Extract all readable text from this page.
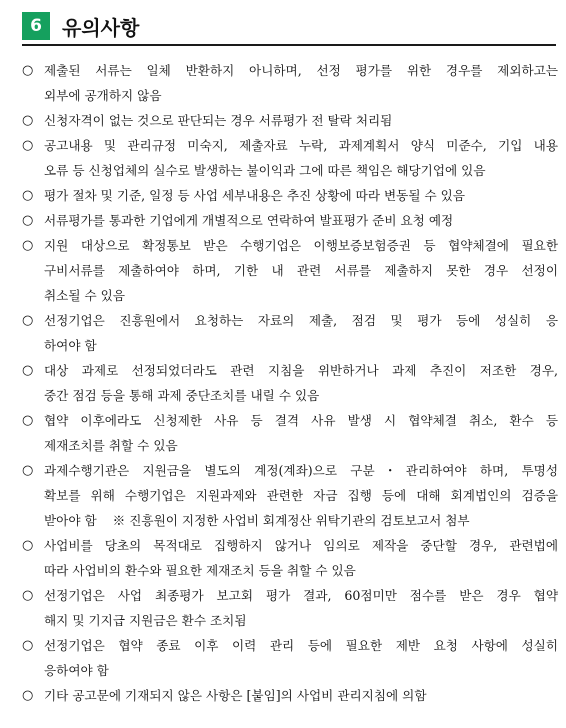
6	유의사항
○ 제출된 서류는 일체 반환하지 아니하며, 선정 평가를 위한 경우를 제외하고는
외부에 공개하지 않음
○ 신청자격이 없는 것으로 판단되는 경우 서류평가 전 탈락 처리됨
○ 공고내용 및 관리규정 미숙지, 제출자료 누락, 과제계획서 양식 미준수, 기입 내용
오류 등 신청업체의 실수로 발생하는 불이익과 그에 따른 책임은 해당기업에 있음
○ 평가 절차 및 기준, 일정 등 사업 세부내용은 추진 상황에 따라 변동될 수 있음
○ 서류평가를 통과한 기업에게 개별적으로 연락하여 발표평가 준비 요청 예정
○ 지원 대상으로 확정통보 받은 수행기업은 이행보증보험증권 등 협약체결에 필요한
구비서류를 제출하여야 하며, 기한 내 관련 서류를 제출하지 못한 경우 선정이
취소될 수 있음
○ 선정기업은 진흥원에서 요청하는 자료의 제출, 점검 및 평가 등에 성실히 응
하여야 함
○ 대상 과제로 선정되었더라도 관련 지침을 위반하거나 과제 추진이 저조한 경우,
중간 점검 등을 통해 과제 중단조치를 내릴 수 있음
○ 협약 이후에라도 신청제한 사유 등 결격 사유 발생 시 협약체결 취소, 환수 등
제재조치를 취할 수 있음
○ 과제수행기관은 지원금을 별도의 계정(계좌)으로 구분・관리하여야 하며, 투명성
확보를 위해 수행기업은 지원과제와 관련한 자금 집행 등에 대해 회계법인의 검증을
받아야 함 ※ 진흥원이 지정한 사업비 회계정산 위탁기관의 검토보고서 첨부
○ 사업비를 당초의 목적대로 집행하지 않거나 임의로 제작을 중단할 경우, 관련법에
따라 사업비의 환수와 필요한 제재조치 등을 취할 수 있음
○ 선정기업은 사업 최종평가 보고회 평가 결과, 60점미만 점수를 받은 경우 협약
해지 및 기지급 지원금은 환수 조치됨
○ 선정기업은 협약 종료 이후 이력 관리 등에 필요한 제반 요청 사항에 성실히
응하여야 함
○ 기타 공고문에 기재되지 않은 사항은 [붙임]의 사업비 관리지침에 의함
